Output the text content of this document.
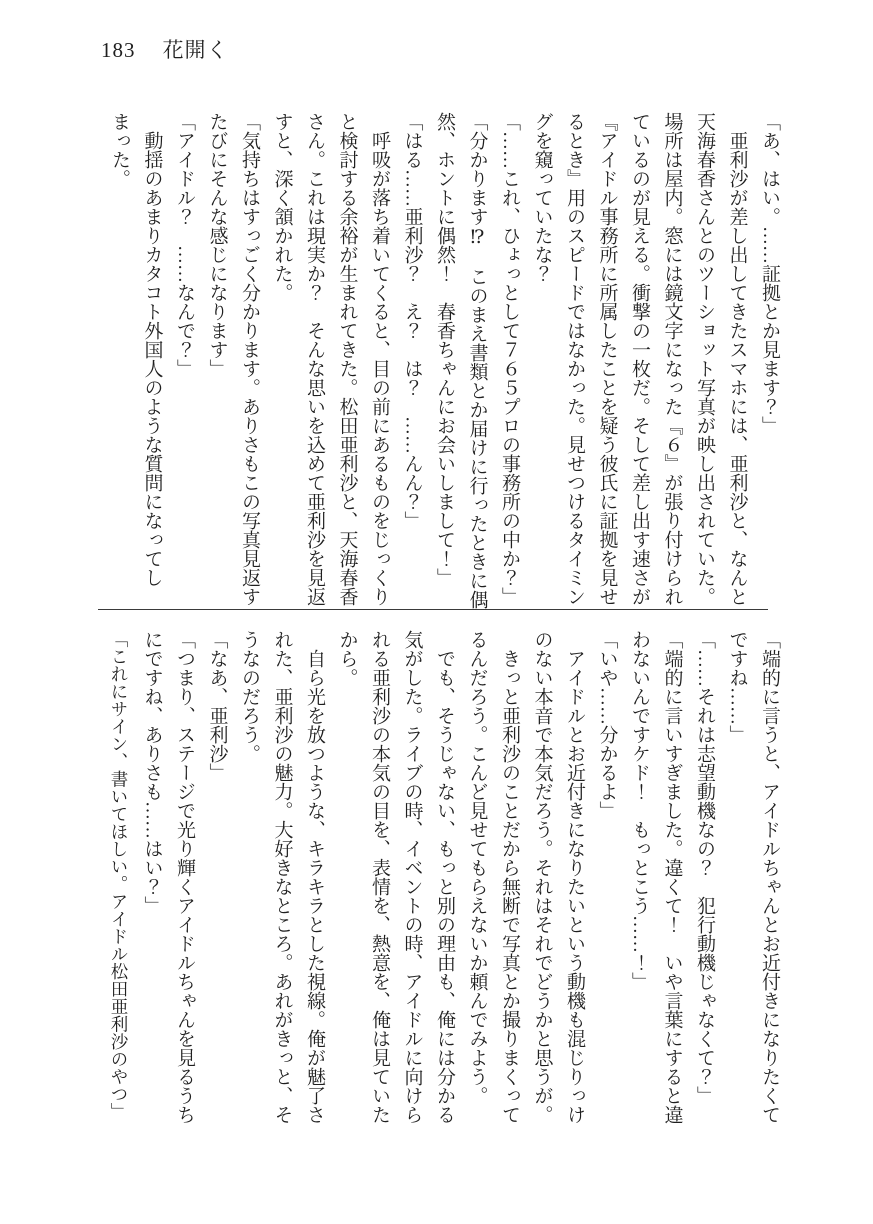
183 花開く

「あ、はい。……証拠とか見ます？」

　亜利沙が差し出してきたスマホには、亜利沙と、なんと天海春香さんとのツーショット写真が映し出されていた。場所は屋内。窓には鏡文字になった『６』が張り付けられているのが見える。衝撃の一枚だ。そして差し出す速さが『アイドル事務所に所属したことを疑う彼氏に証拠を見せるとき』用のスピードではなかった。見せつけるタイミングを窺っていたな？

「……これ、ひょっとして７６５プロの事務所の中か？」

「分かります⁉　このまえ書類とか届けに行ったときに偶然、ホントに偶然！　春香ちゃんにお会いしまして！」

「はる……亜利沙？　え？　は？　……んん？」

　呼吸が落ち着いてくると、目の前にあるものをじっくりと検討する余裕が生まれてきた。松田亜利沙と、天海春香さん。これは現実か？　そんな思いを込めて亜利沙を見返すと、深く頷かれた。

「気持ちはすっごく分かります。ありさもこの写真見返すたびにそんな感じになります」

「アイドル？　……なんで？」

　動揺のあまりカタコト外国人のような質問になってしまった。

「端的に言うと、アイドルちゃんとお近付きになりたくてですね……」

「……それは志望動機なの？　犯行動機じゃなくて？」

「端的に言いすぎました。違くて！　いや言葉にすると違わないんですケド！　もっとこう……！」

「いや……分かるよ」

　アイドルとお近付きになりたいという動機も混じりっけのない本音で本気だろう。それはそれでどうかと思うが。

　きっと亜利沙のことだから無断で写真とか撮りまくってるんだろう。こんど見せてもらえないか頼んでみよう。

　でも、そうじゃない、もっと別の理由も、俺には分かる気がした。ライブの時、イベントの時、アイドルに向けられる亜利沙の本気の目を、表情を、熱意を、俺は見ていたから。

　自ら光を放つような、キラキラとした視線。俺が魅了された、亜利沙の魅力。大好きなところ。あれがきっと、そうなのだろう。

「なあ、亜利沙」

「つまり、ステージで光り輝くアイドルちゃんを見るうちにですね、ありさも……はい？」

「これにサイン、書いてほしい。アイドル松田亜利沙のやつ」
